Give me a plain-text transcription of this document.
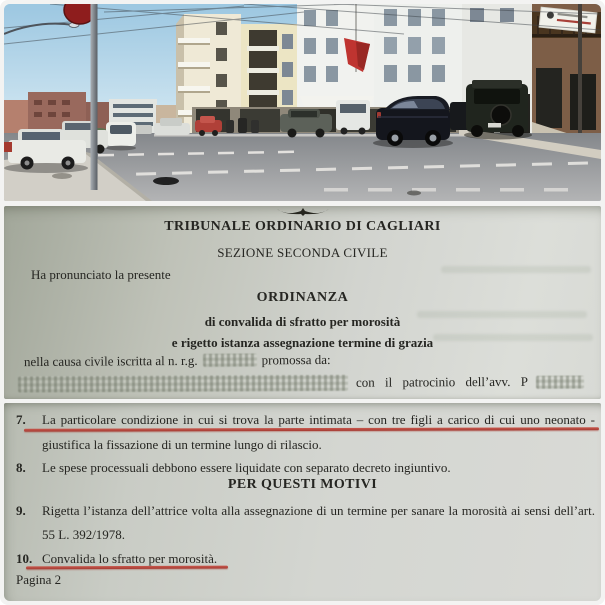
TRIBUNALE ORDINARIO DI CAGLIARI
SEZIONE SECONDA CIVILE
Ha pronunciato la presente
ORDINANZA
di convalida di sfratto per morosità
e rigetto istanza assegnazione termine di grazia
nella causa civile iscritta al n. r.g.	promossa da:
con il patrocinio dell’avv. P
7.	La particolare condizione in cui si trova la parte intimata – con tre figli a carico di cui uno neonato - giustifica la fissazione di un termine lungo di rilascio.
8.	Le spese processuali debbono essere liquidate con separato decreto ingiuntivo.
PER QUESTI MOTIVI
9.	Rigetta l’istanza dell’attrice volta alla assegnazione di un termine per sanare la morosità ai sensi dell’art. 55 L. 392/1978.
10. Convalida lo sfratto per morosità.
Pagina 2
